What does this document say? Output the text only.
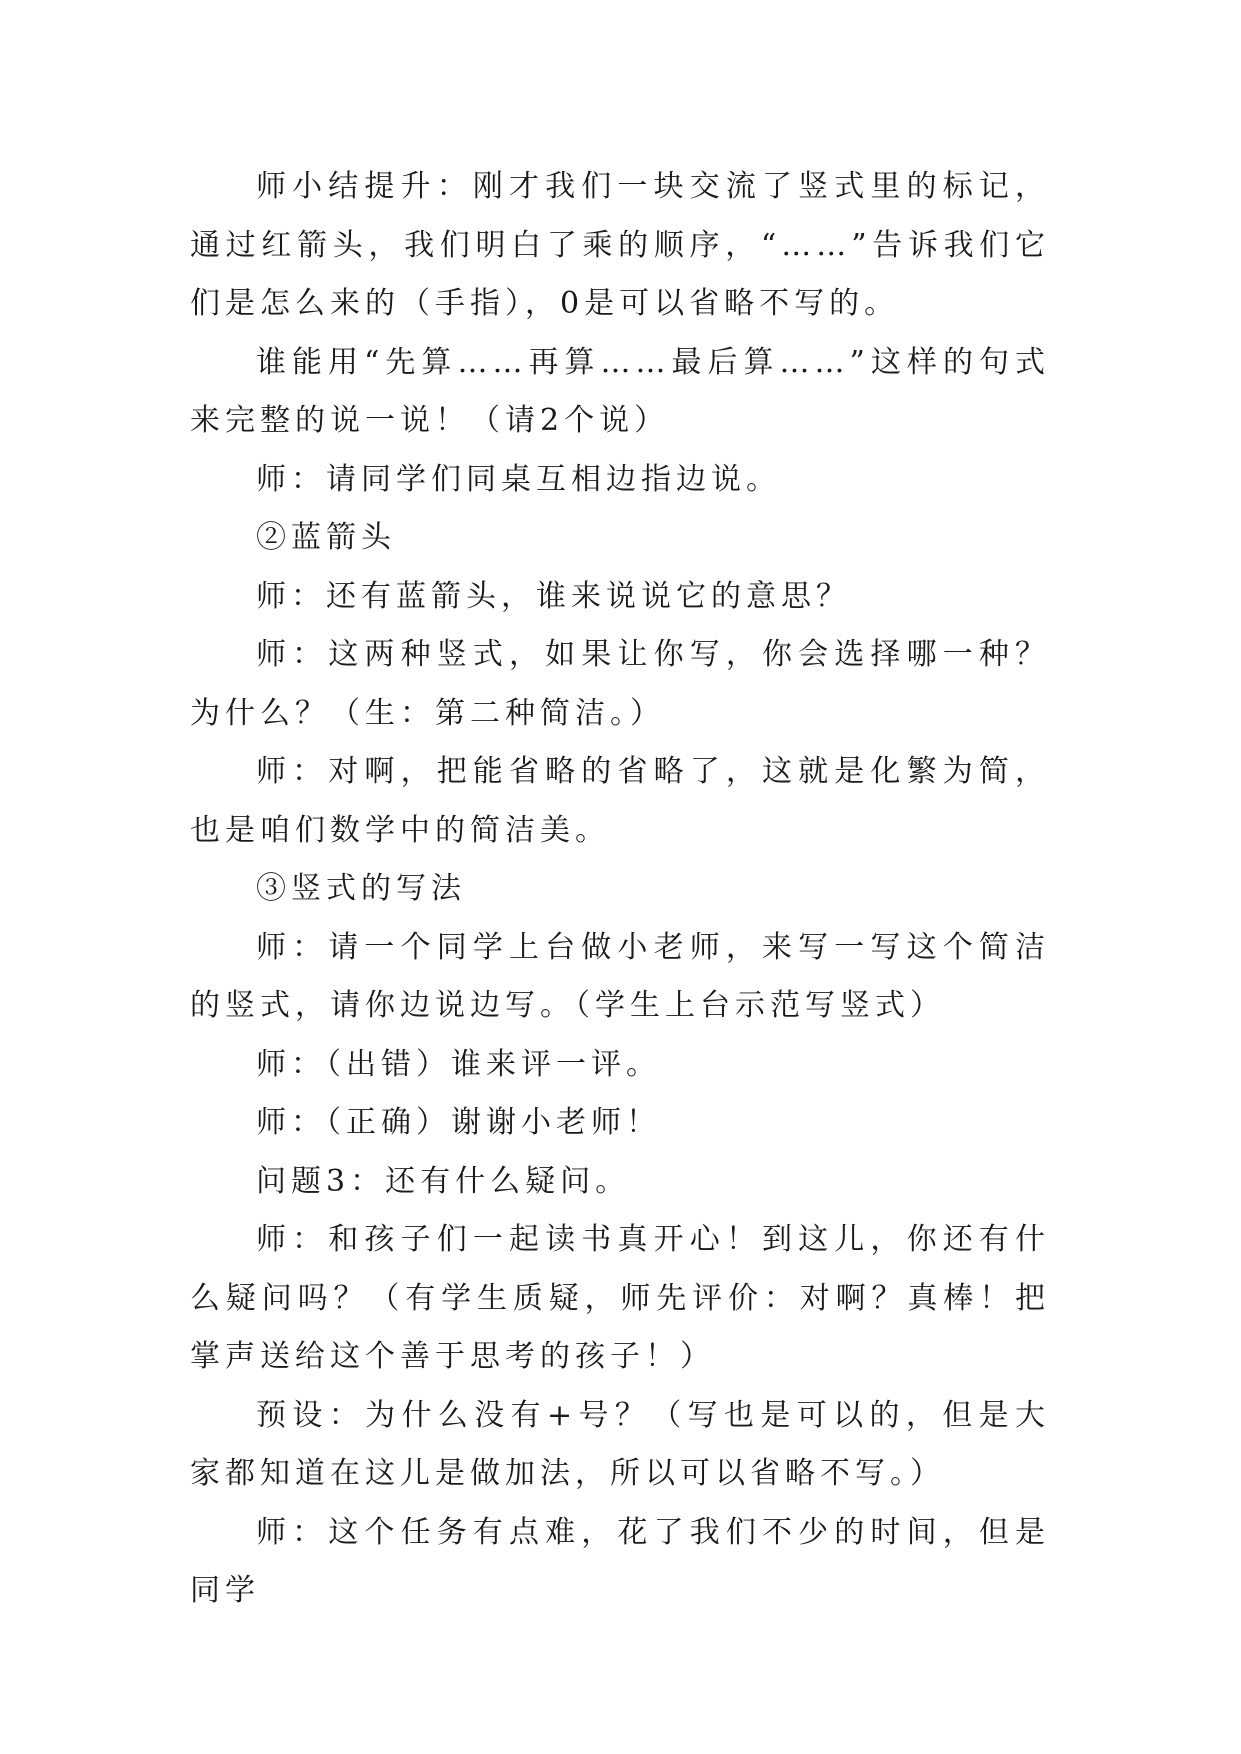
师小结提升：刚才我们一块交流了竖式里的标记，通过红箭头，我们明白了乘的顺序，“……”告诉我们它们是怎么来的（手指），0是可以省略不写的。

谁能用“先算……再算……最后算……”这样的句式来完整的说一说！（请2个说）

师：请同学们同桌互相边指边说。

②蓝箭头

师：还有蓝箭头，谁来说说它的意思？

师：这两种竖式，如果让你写，你会选择哪一种？为什么？（生：第二种简洁。）

师：对啊，把能省略的省略了，这就是化繁为简，也是咱们数学中的简洁美。

③竖式的写法

师：请一个同学上台做小老师，来写一写这个简洁的竖式，请你边说边写。（学生上台示范写竖式）

师：（出错）谁来评一评。

师：（正确）谢谢小老师！

问题3：还有什么疑问。

师：和孩子们一起读书真开心！到这儿，你还有什么疑问吗？（有学生质疑，师先评价：对啊？真棒！把掌声送给这个善于思考的孩子！）

预设：为什么没有+号？（写也是可以的，但是大家都知道在这儿是做加法，所以可以省略不写。）

师：这个任务有点难，花了我们不少的时间，但是同学
